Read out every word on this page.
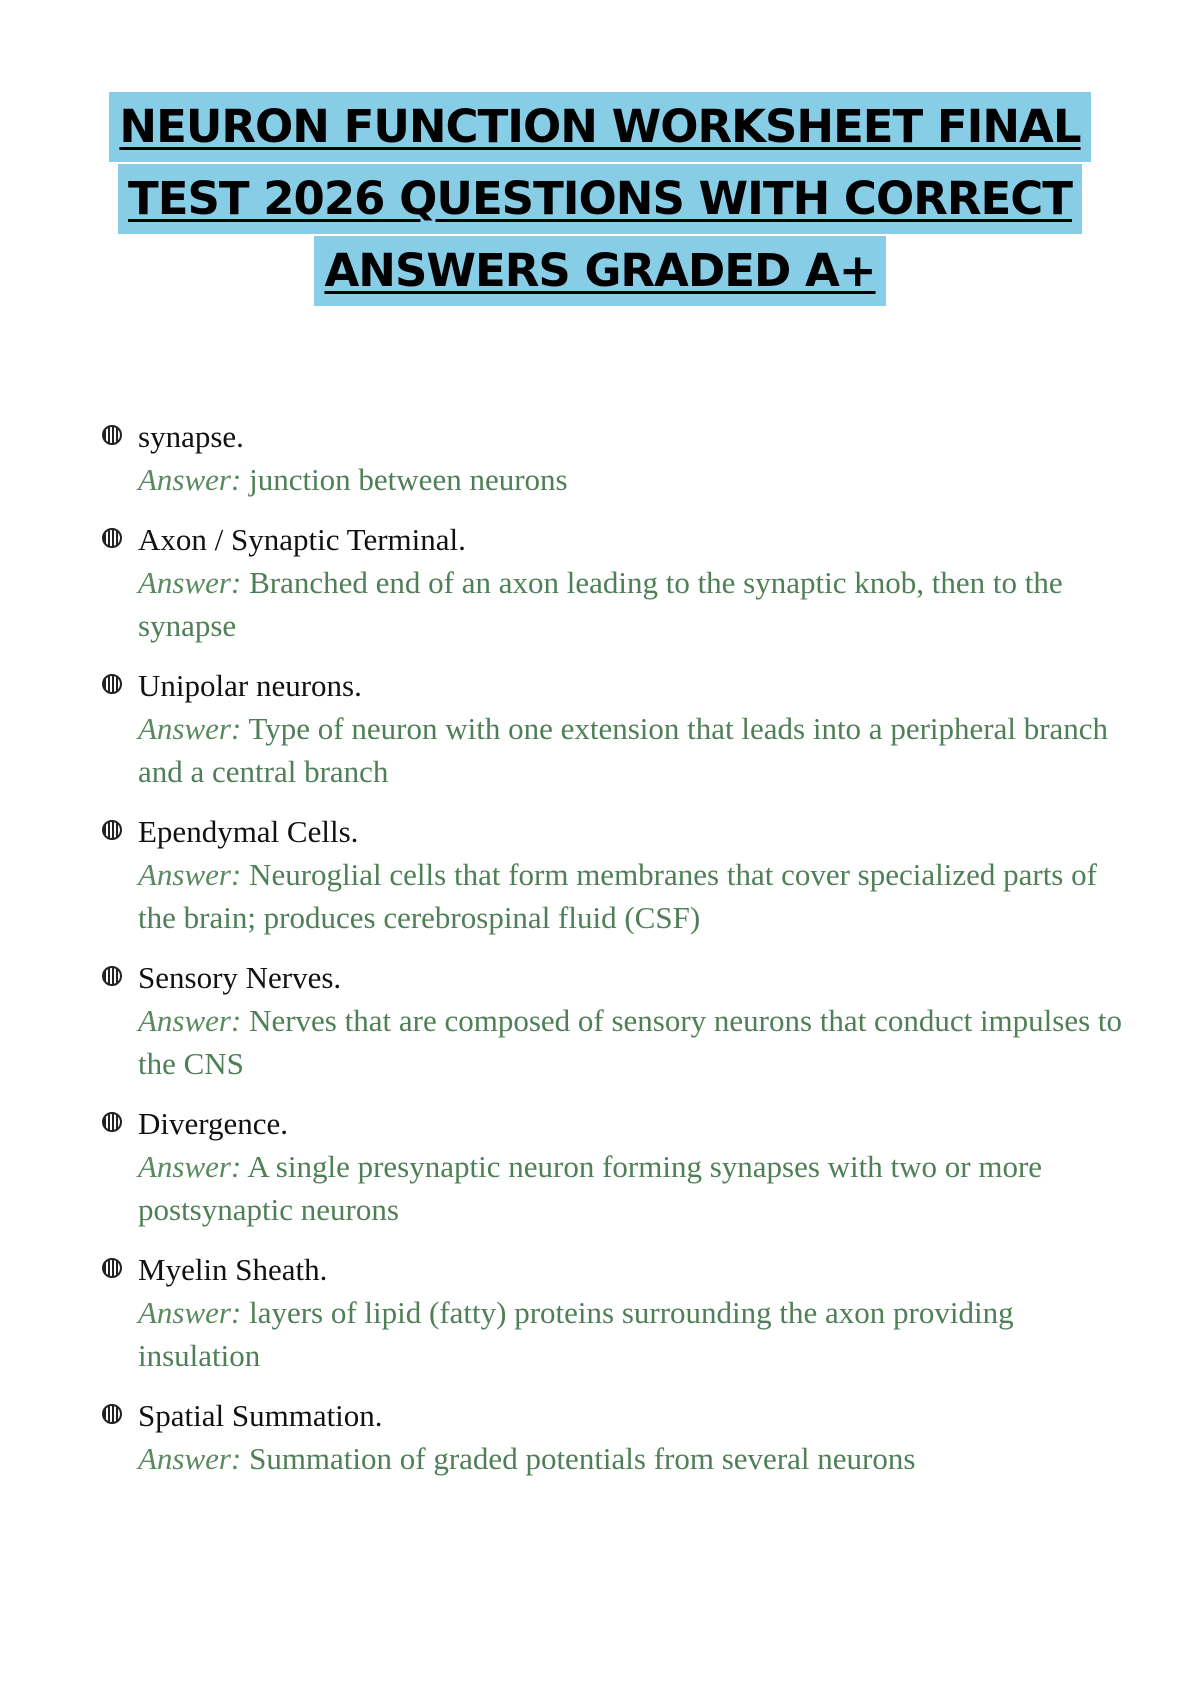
NEURON FUNCTION WORKSHEET FINAL
TEST 2026 QUESTIONS WITH CORRECT
ANSWERS GRADED A+
synapse.
Answer: junction between neurons
Axon / Synaptic Terminal.
Answer: Branched end of an axon leading to the synaptic knob, then to the synapse
Unipolar neurons.
Answer: Type of neuron with one extension that leads into a peripheral branch and a central branch
Ependymal Cells.
Answer: Neuroglial cells that form membranes that cover specialized parts of the brain; produces cerebrospinal fluid (CSF)
Sensory Nerves.
Answer: Nerves that are composed of sensory neurons that conduct impulses to the CNS
Divergence.
Answer: A single presynaptic neuron forming synapses with two or more postsynaptic neurons
Myelin Sheath.
Answer: layers of lipid (fatty) proteins surrounding the axon providing insulation
Spatial Summation.
Answer: Summation of graded potentials from several neurons
